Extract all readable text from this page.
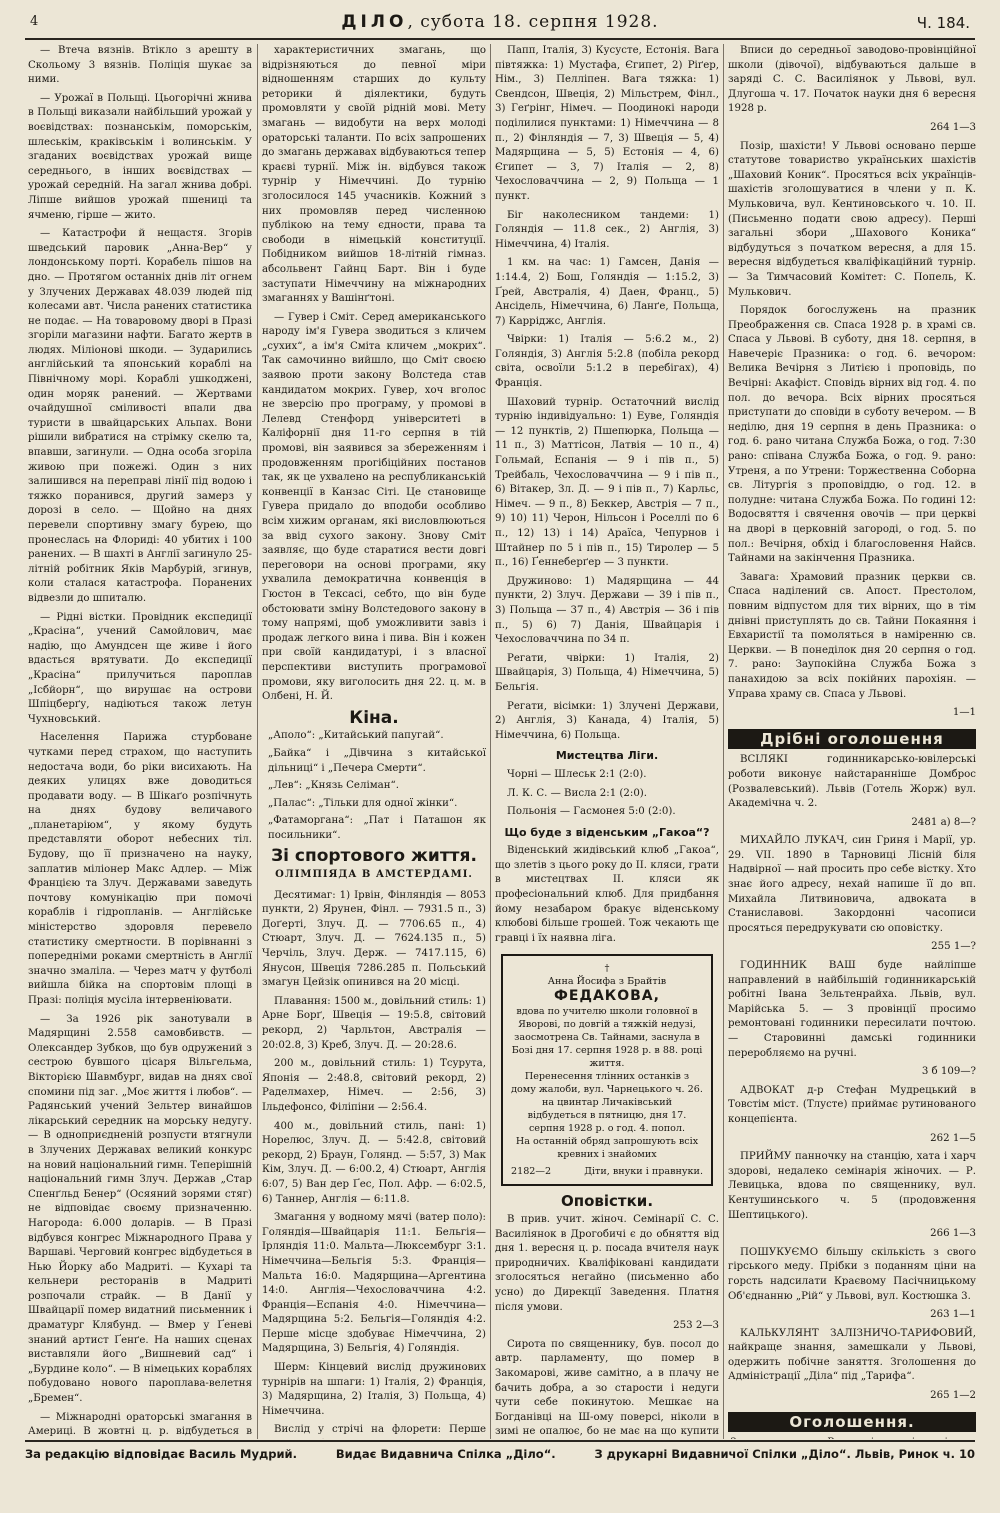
4	ДІЛО, субота 18. серпня 1928.	Ч. 184.

— Втеча вязнів. Втікло з арешту в Скольому 3 вязнів. Поліція шукає за ними.

— Урожаї в Польщі. Цьогорічні жнива в Польщі виказали найбільший урожай у воєвідствах: познанськім, поморськім, шлеськім, краківськім і волинськім. У згаданих воєвідствах урожай вище середнього, в інших воєвідствах — урожай середній. На загал жнива добрі. Ліпше вийшов урожай пшениці та ячменю, гірше — жито.

— Катастрофи й нещастя. Згорів шведський паровик „Анна-Вер“ у лондонському порті. Корабель пішов на дно. — Протягом останніх днів літ огнем у Злучених Державах 48.039 людей під колесами авт. Числа ранених статистика не подає. — На товаровому дворі в Празі згоріли магазини нафти. Багато жертв в людях. Міліонові шкоди. — Зударились англійський та японський кораблі на Північному морі. Кораблі ушкоджені, один моряк ранений. — Жертвами очайдушної сміливості впали два туристи в швайцарських Альпах. Вони рішили вибратися на стрімку скелю та, впавши, загинули. — Одна особа згоріла живою при пожежі. Один з них залишився на переправі лінії під водою і тяжко поранився, другий замерз у дорозі в село. — Щойно на днях перевели спортивну змагу бурею, що пронеслась на Флориді: 40 убитих і 100 ранених. — В шахті в Англії загинуло 25-літній робітник Яків Марбурій, згинув, коли сталася катастрофа. Поранених відвезли до шпиталю.

— Рідні вістки. Провідник експедиції „Красіна“, учений Самойлович, має надію, що Амундсен ще живе і його вдасться врятувати. До експедиції „Красіна“ прилучиться пароплав „Ісбйорн“, що вирушає на острови Шпіцберґу, надіються також летун Чухновський.

Населення Парижа стурбоване чутками перед страхом, що наступить недостача води, бо ріки висихають. На деяких улицях вже доводиться продавати воду. — В Шікаґо розпічнуть на днях будову величавого „планетаріюм“, у якому будуть представляти оборот небесних тіл. Будову, що її призначено на науку, заплатив міліонер Макс Адлер. — Між Францією та Злуч. Державами заведуть почтову комунікацію при помочі кораблів і гідропланів. — Англійське міністерство здоровля перевело статистику смертности. В порівнанні з попередніми роками смертність в Англії значно змаліла. — Через матч у футболі вийшла бійка на спортовім площі в Празі: поліція мусіла інтервеніювати.

— За 1926 рік занотували в Мадярщині 2.558 самовбивств. — Олександер Зубков, що був одружений з сестрою бувшого цісаря Вільгельма, Вікторією Шавмбург, видав на днях свої спомини під заг. „Моє життя і любов“. — Радянський учений Зельтер винайшов лікарський середник на морську недугу. — В одноприєдненій розпусти втягнули в Злучених Державах великий конкурс на новий національний гимн. Теперішній національний гимн Злуч. Держав „Стар Спенґльд Бенер“ (Осяяний зорями стяг) не відповідає своєму призначенню. Нагорода: 6.000 доларів. — В Празі відбувся конгрес Міжнародного Права у Варшаві. Черговий конгрес відбудеться в Нью Йорку або Мадриті. — Кухарі та кельнери ресторанів в Мадриті розпочали страйк. — В Данії у Швайцарії помер видатний письменник і драматург Клябунд. — Вмер у Ґеневі знаний артист Ґенґе. На наших сценах виставляли його „Вишневий сад“ і „Бурдине коло“. — В німецьких кораблях побудовано нового пароплава-велетня „Бремен“.

— Міжнародні ораторські змагання в Америці. В жовтні ц. р. відбудеться в

характеристичних змагань, що відрізняються до певної міри відношенням старших до культу реторики й діялектики, будуть промовляти у своїй рідній мові. Мету змагань — видобути на верх молоді ораторські таланти. По всіх запрошених до змагань державах відбуваються тепер краєві турнії. Між ін. відбувся також турнір у Німеччині. До турнію зголосилося 145 учасників. Кожний з них промовляв перед численною публікою на тему єдности, права та свободи в німецькій конституції. Побідником вийшов 18-літній гімназ. абсольвент Гайнц Барт. Він і буде заступати Німеччину на міжнародних змаганнях у Вашінґтоні.

— Гувер і Сміт. Серед американського народу ім'я Гувера зводиться з кличем „сухих“, а ім'я Сміта кличем „мокрих“. Так самочинно вийшло, що Сміт своєю заявою проти закону Волстеда став кандидатом мокрих. Гувер, хоч вголос не зверсію про програму, у промові в Лелевд Стенфорд університеті в Каліфорнії дня 11-го серпня в тій промові, він заявився за збереженням і продовженням прогібіційних постанов так, як це ухвалено на республиканській конвенції в Канзас Сіті. Це становище Гувера придало до вподоби особливо всім хижим органам, які висловлюються за ввід сухого закону. Знову Сміт заявляє, що буде старатися вести довгі переговори на основі програми, яку ухвалила демократична конвенція в Гюстон в Тексасі, себто, що він буде обстоювати зміну Волстедового закону в тому напрямі, щоб уможливити завіз і продаж легкого вина і пива. Він і кожен при своїй кандидатурі, і з власної перспективи виступить програмової промови, яку виголосить дня 22. ц. м. в Олбені, Н. Й.

Кіна.

„Аполо“: „Китайський папугай“.

„Байка“ і „Дівчина з китайської дільниці“ і „Печера Смерти“.

„Лев“: „Князь Селіман“.

„Палас“: „Тільки для одної жінки“.

„Фатаморгана“: „Пат і Паташон як посильники“.

Зі спортового життя.
ОЛІМПІЯДА В АМСТЕРДАМІ.

Десятимаг: 1) Ірвін, Фінляндія — 8053 пункти, 2) Ярунен, Фінл. — 7931.5 п., 3) Доґерті, Злуч. Д. — 7706.65 п., 4) Стюарт, Злуч. Д. — 7624.135 п., 5) Черчіль, Злуч. Держ. — 7417.115, 6) Янусон, Швеція 7286.285 п. Польський змагун Цейзік опинився на 20 місці.

Плавання: 1500 м., довільний стиль: 1) Арне Борґ, Швеція — 19:5.8, світовий рекорд, 2) Чарльтон, Австралія — 20:02.8, 3) Креб, Злуч. Д. — 20:28.6.

200 м., довільний стиль: 1) Тсурута, Японія — 2:48.8, світовий рекорд, 2) Раделмахер, Німеч. — 2:56, 3) Ільдефонсо, Філіпіни — 2:56.4.

400 м., довільний стиль, пані: 1) Норелюс, Злуч. Д. — 5:42.8, світовий рекорд, 2) Браун, Голянд. — 5:57, 3) Мак Кім, Злуч. Д. — 6:00.2, 4) Стюарт, Англія 6:07, 5) Ван дер Ґес, Пол. Афр. — 6:02.5, 6) Таннер, Англія — 6:11.8.

Змагання у водному мячі (ватер поло): Голяндія—Швайцарія 11:1. Бельгія—Ірляндія 11:0. Мальта—Люксембург 3:1. Німеччина—Бельгія 5:3. Франція—Мальта 16:0. Мадярщина—Аргентина 14:0. Англія—Чехословаччина 4:2. Франція—Еспанія 4:0. Німеччина—Мадярщина 5:2. Бельгія—Голяндія 4:2. Перше місце здобуває Німеччина, 2) Мадярщина, 3) Бельгія, 4) Голяндія.

Шерм: Кінцевий вислід дружинових турнірів на шпаги: 1) Італія, 2) Франція, 3) Мадярщина, 2) Італія, 3) Польща, 4) Німеччина.

Вислід у стрічі на флорети: Перше

Папп, Італія, 3) Кусусте, Естонія. Вага півтяжка: 1) Мустафа, Єгипет, 2) Ріґер, Нім., 3) Пелліпен. Вага тяжка: 1) Свендсон, Швеція, 2) Мільстрем, Фінл., 3) Геґрінг, Німеч. — Поодинокі народи поділилися пунктами: 1) Німеччина — 8 п., 2) Фінляндія — 7, 3) Швеція — 5, 4) Мадярщина — 5, 5) Естонія — 4, 6) Єгипет — 3, 7) Італія — 2, 8) Чехословаччина — 2, 9) Польща — 1 пункт.

Біг наколесником тандеми: 1) Голяндія — 11.8 сек., 2) Англія, 3) Німеччина, 4) Італія.

1 км. на час: 1) Гамсен, Данія — 1:14.4, 2) Бош, Голяндія — 1:15.2, 3) Ґрей, Австралія, 4) Даен, Франц., 5) Ансідель, Німеччина, 6) Ланґе, Польща, 7) Карріджс, Англія.

Чвірки: 1) Італія — 5:6.2 м., 2) Голяндія, 3) Англія 5:2.8 (побіла рекорд світа, освоїли 5:1.2 в перебігах), 4) Франція.

Шаховий турнір. Остаточний вислід турнію індивідуально: 1) Еуве, Голяндія — 12 пунктів, 2) Пшепюрка, Польща — 11 п., 3) Маттісон, Латвія — 10 п., 4) Гольмай, Еспанія — 9 і пів п., 5) Трейбаль, Чехословаччина — 9 і пів п., 6) Вітакер, Зл. Д. — 9 і пів п., 7) Карльс, Німеч. — 9 п., 8) Беккер, Австрія — 7 п., 9) 10) 11) Черон, Нільсон і Роселлі по 6 п., 12) 13) і 14) Араїса, Чепурнов і Штайнер по 5 і пів п., 15) Тиролер — 5 п., 16) Ґеннеберґер — 3 пункти.

Дружиново: 1) Мадярщина — 44 пункти, 2) Злуч. Держави — 39 і пів п., 3) Польща — 37 п., 4) Австрія — 36 і пів п., 5) 6) 7) Данія, Швайцарія і Чехословаччина по 34 п.

Регати, чвірки: 1) Італія, 2) Швайцарія, 3) Польща, 4) Німеччина, 5) Бельгія.

Регати, вісімки: 1) Злучені Держави, 2) Англія, 3) Канада, 4) Італія, 5) Німеччина, 6) Польща.

Мистецтва Ліги.

Чорні — Шлеськ 2:1 (2:0).

Л. К. С. — Висла 2:1 (2:0).

Польонія — Гасмонея 5:0 (2:0).

Що буде з віденським „Гакоа“?

Віденський жидівський клюб „Гакоа“, що злетів з цього року до II. кляси, грати в мистецтвах II. кляси як професіональний клюб. Для придбання йому незабаром бракує віденському клюбові більше грошей. Тож чекають ще гравці і їх наявна ліга.

†
Анна Йосифа з Брайтів
ФЕДАКОВА,
вдова по учителю школи головної в Яворові, по довгій а тяжкій недузі, заосмотрена Св. Тайнами, заснула в Бозі дня 17. серпня 1928 р. в 88. році життя.
Перенесення тлінних останків з дому жалоби, вул. Чарнецького ч. 26. на цвинтар Личаківський відбудеться в пятницю, дня 17. серпня 1928 р. о год. 4. попол.
На останній обряд запрошують всіх кревних і знайомих
2182—2	Діти, внуки і правнуки.
Оповістки.

В прив. учит. жіноч. Семінарії С. С. Василіянок в Дрогобичі є до обняття від дня 1. вересня ц. р. посада вчителя наук природничих. Кваліфіковані кандидати зголосяться негайно (письменно або усно) до Дирекції Заведення. Платня після умови.

253 2—3

Сирота по священнику, був. посол до автр. парламенту, що помер в Закомарові, живе самітно, а в плачу не бачить добра, а зо старости і недуги чути себе покинутою. Мешкає на Богданівці на Ш-ому поверсі, ніколи в зимі не опалює, бо не має на що купити

Вписи до середньої заводово-провінційної школи (дівочої), відбуваються дальше в заряді С. С. Василіянок у Львові, вул. Длугоша ч. 17. Початок науки дня 6 вересня 1928 р.

264 1—3

Позір, шахісти! У Львові основано перше статутове товариство українських шахістів „Шаховий Коник“. Просяться всіх українців-шахістів зголошуватися в члени у п. К. Мульковича, вул. Кентиновського ч. 10. II. (Письменно подати свою адресу). Перші загальні збори „Шахового Коника“ відбудуться з початком вересня, а для 15. вересня відбудеться кваліфікаційний турнір. — За Тимчасовий Комітет: С. Попель, К. Мулькович.

Порядок богослужень на празник Преображення св. Спаса 1928 р. в храмі св. Спаса у Львові. В суботу, дня 18. серпня, в Навечеріє Празника: о год. 6. вечором: Велика Вечірня з Литією і проповідь, по Вечірні: Акафіст. Сповідь вірних від год. 4. по пол. до вечора. Всіх вірних просяться приступати до сповіди в суботу вечером. — В неділю, дня 19 серпня в день Празника: о год. 6. рано читана Служба Божа, о год. 7:30 рано: співана Служба Божа, о год. 9. рано: Утреня, а по Утрени: Торжественна Соборна св. Літургія з проповіддю, о год. 12. в полудне: читана Служба Божа. По годині 12: Водосвяття і свячення овочів — при церкві на дворі в церковній загороді, о год. 5. по пол.: Вечірня, обхід і благословення Найсв. Тайнами на закінчення Празника.

Завага: Храмовий празник церкви св. Спаса наділений св. Апост. Престолом, повним відпустом для тих вірних, що в тім днівні приступлять до св. Тайни Покаяння і Евхаристії та помоляться в наміренню св. Церкви. — В понеділок дня 20 серпня о год. 7. рано: Заупокійна Служба Божа з панахидою за всіх покійних парохіян. — Управа храму св. Спаса у Львові.

1—1

Дрібні оголошення

ВСІЛЯКІ годинникарсько-ювілерські роботи виконує найстаранніше Домброс (Розвалевський). Львів (Готель Жорж) вул. Академічна ч. 2.

2481 а) 8—?

МИХАЙЛО ЛУКАЧ, син Гриня і Марії, ур. 29. VII. 1890 в Тарновиці Лісній біля Надвірної — най просить про себе вістку. Хто знає його адресу, нехай напише її до вп. Михайла Литвиновича, адвоката в Станиславові. Закордонні часописи просяться передрукувати сю оповістку.

255 1—?

ГОДИННИК ВАШ буде найліпше направлений в найбільшій годинникарській робітні Івана Зельтенрайха. Львів, вул. Марійська 5. — З провінції просимо ремонтовані годинники пересилати почтою. — Старовинні дамські годинники переробляємо на ручні.

3 б 109—?

АДВОКАТ д-р Стефан Мудрецький в Товстім міст. (Тлусте) приймає рутинованого концепієнта.

262 1—5

ПРИЙМУ панночку на станцію, хата і харч здорові, недалеко семінарія жіночих. — Р. Левицька, вдова по священнику, вул. Кентушинського ч. 5 (продовження Шептицького).

266 1—3

ПОШУКУЄМО більшу скількість з свого гірського меду. Прібки з поданням ціни на горсть надсилати Краєвому Пасічницькому Об'єднанню „Рій“ у Львові, вул. Костюшка 3.

263 1—1

КАЛЬКУЛЯНТ ЗАЛІЗНИЧО-ТАРИФОВИЙ, найкраще знання, замешкали у Львові, одержить побічне заняття. Зголошення до Адміністрації „Діла“ під „Тарифа“.

265 1—2

Оголошення.
За редакцію відповідає Василь Мудрий.	Видає Видавнича Спілка „Діло“.	З друкарні Видавничої Спілки „Діло“. Львів, Ринок ч. 10
